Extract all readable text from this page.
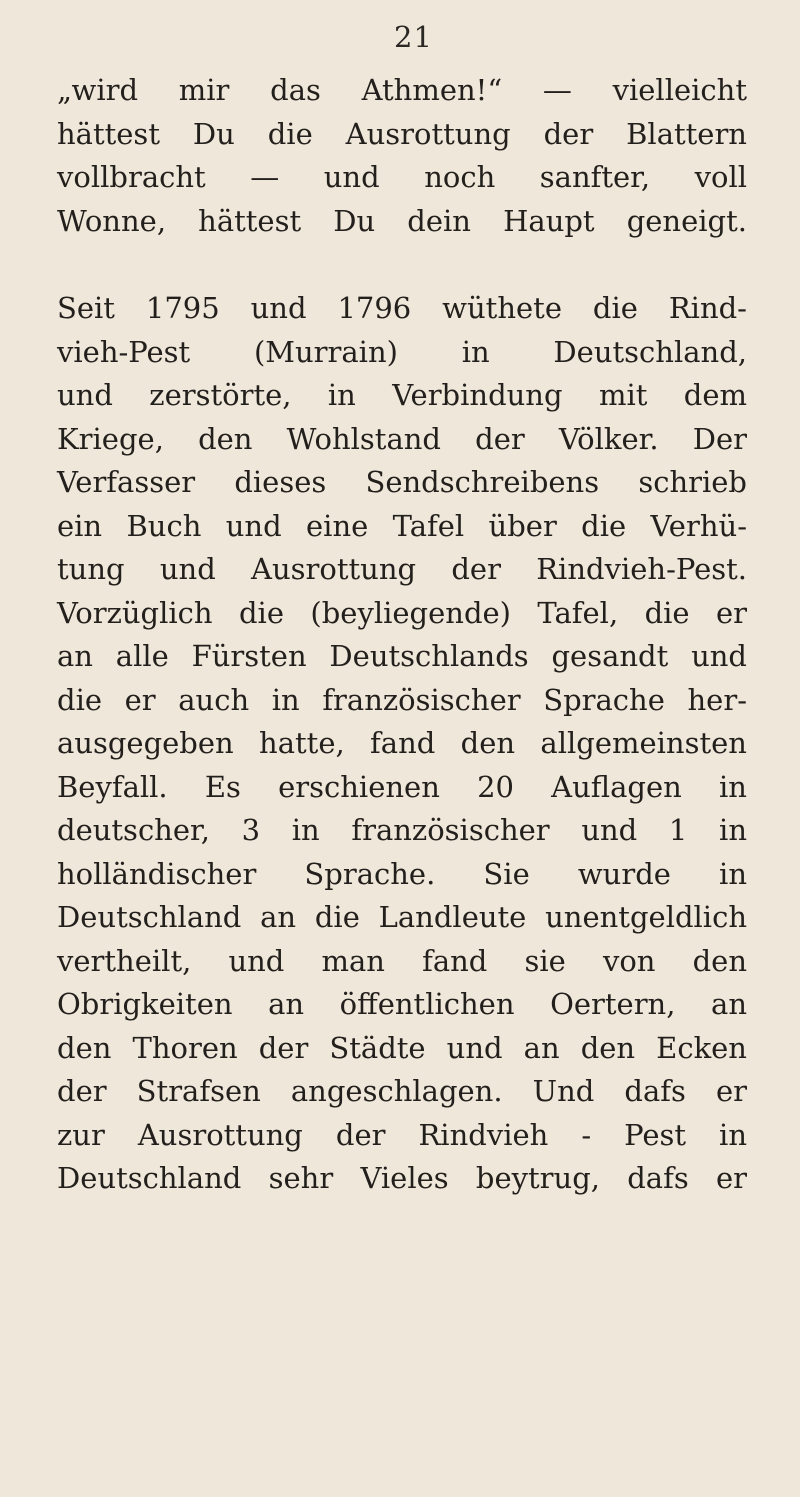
21
„wird mir das Athmen!“ — vielleicht
hättest Du die Ausrottung der Blattern
vollbracht — und noch sanfter, voll
Wonne, hättest Du dein Haupt geneigt.
Seit 1795 und 1796 wüthete die Rind-
vieh-Pest (Murrain) in Deutschland,
und zerstörte, in Verbindung mit dem
Kriege, den Wohlstand der Völker. Der
Verfasser dieses Sendschreibens schrieb
ein Buch und eine Tafel über die Verhü-
tung und Ausrottung der Rindvieh-Pest.
Vorzüglich die (beyliegende) Tafel, die er
an alle Fürsten Deutschlands gesandt und
die er auch in französischer Sprache her-
ausgegeben hatte, fand den allgemeinsten
Beyfall. Es erschienen 20 Auflagen in
deutscher, 3 in französischer und 1 in
holländischer Sprache. Sie wurde in
Deutschland an die Landleute unentgeldlich
vertheilt, und man fand sie von den
Obrigkeiten an öffentlichen Oertern, an
den Thoren der Städte und an den Ecken
der Strafsen angeschlagen. Und dafs er
zur Ausrottung der Rindvieh - Pest in
Deutschland sehr Vieles beytrug, dafs er
